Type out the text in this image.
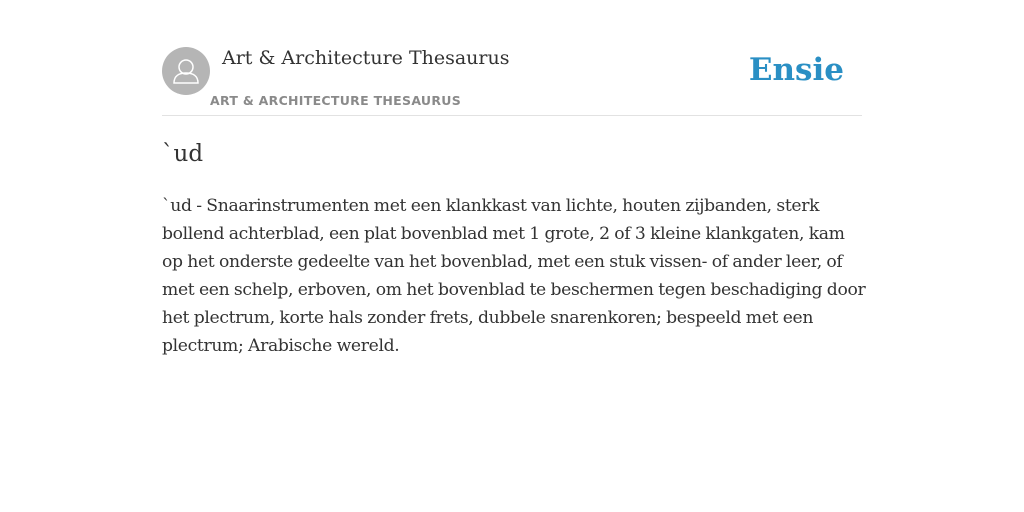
Art & Architecture Thesaurus
ART & ARCHITECTURE THESAURUS
Ensie
`ud

`ud - Snaarinstrumenten met een klankkast van lichte, houten zijbanden, sterk bollend achterblad, een plat bovenblad met 1 grote, 2 of 3 kleine klankgaten, kam op het onderste gedeelte van het bovenblad, met een stuk vissen- of ander leer, of met een schelp, erboven, om het bovenblad te beschermen tegen beschadiging door het plectrum, korte hals zonder frets, dubbele snarenkoren; bespeeld met een plectrum; Arabische wereld.
